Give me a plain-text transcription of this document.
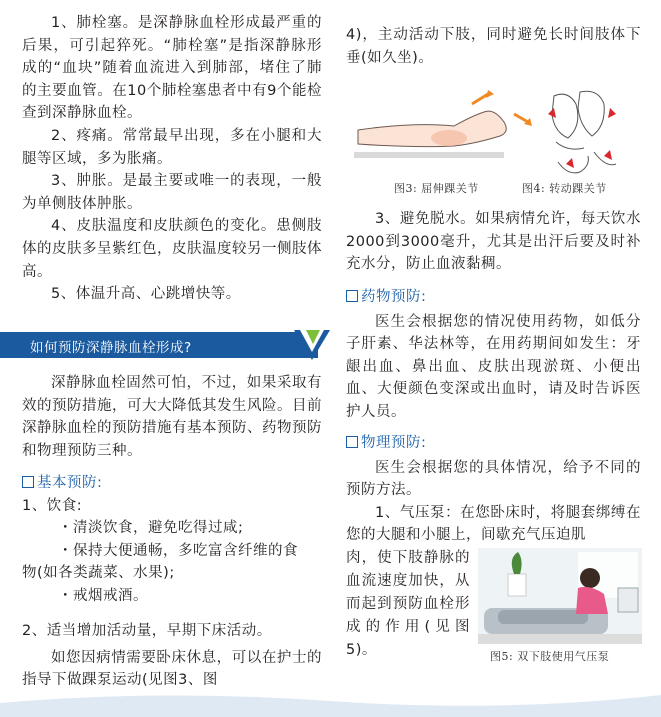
1、肺栓塞。是深静脉血栓形成最严重的后果，可引起猝死。“肺栓塞”是指深静脉形成的“血块”随着血流进入到肺部，堵住了肺的主要血管。在10个肺栓塞患者中有9个能检查到深静脉血栓。

2、疼痛。常常最早出现，多在小腿和大腿等区域，多为胀痛。

3、肿胀。是最主要或唯一的表现，一般为单侧肢体肿胀。

4、皮肤温度和皮肤颜色的变化。患侧肢体的皮肤多呈紫红色，皮肤温度较另一侧肢体高。

5、体温升高、心跳增快等。

深静脉血栓固然可怕，不过，如果采取有效的预防措施，可大大降低其发生风险。目前深静脉血栓的预防措施有基本预防、药物预防和物理预防三种。

基本预防:

1、饮食:

・清淡饮食，避免吃得过咸;

・保持大便通畅，多吃富含纤维的食

物(如各类蔬菜、水果);

・戒烟戒酒。

2、适当增加活动量，早期下床活动。

如您因病情需要卧床休息，可以在护士的指导下做踝泵运动(见图3、图

如何预防深静脉血栓形成?

4)，主动活动下肢，同时避免长时间肢体下垂(如久坐)。

3、避免脱水。如果病情允许，每天饮水2000到3000毫升，尤其是出汗后要及时补充水分，防止血液黏稠。

药物预防:

医生会根据您的情况使用药物，如低分子肝素、华法林等，在用药期间如发生：牙龈出血、鼻出血、皮肤出现淤斑、小便出血、大便颜色变深或出血时，请及时告诉医护人员。

物理预防:

医生会根据您的具体情况，给予不同的预防方法。

1、气压泵：在您卧床时，将腿套绑缚在您的大腿和小腿上，间歇充气压迫肌

肉，使下肢静脉的血流速度加快，从而起到预防血栓形成的作用(见图5)。

图3: 屈伸踝关节	图4: 转动踝关节
图5: 双下肢使用气压泵
